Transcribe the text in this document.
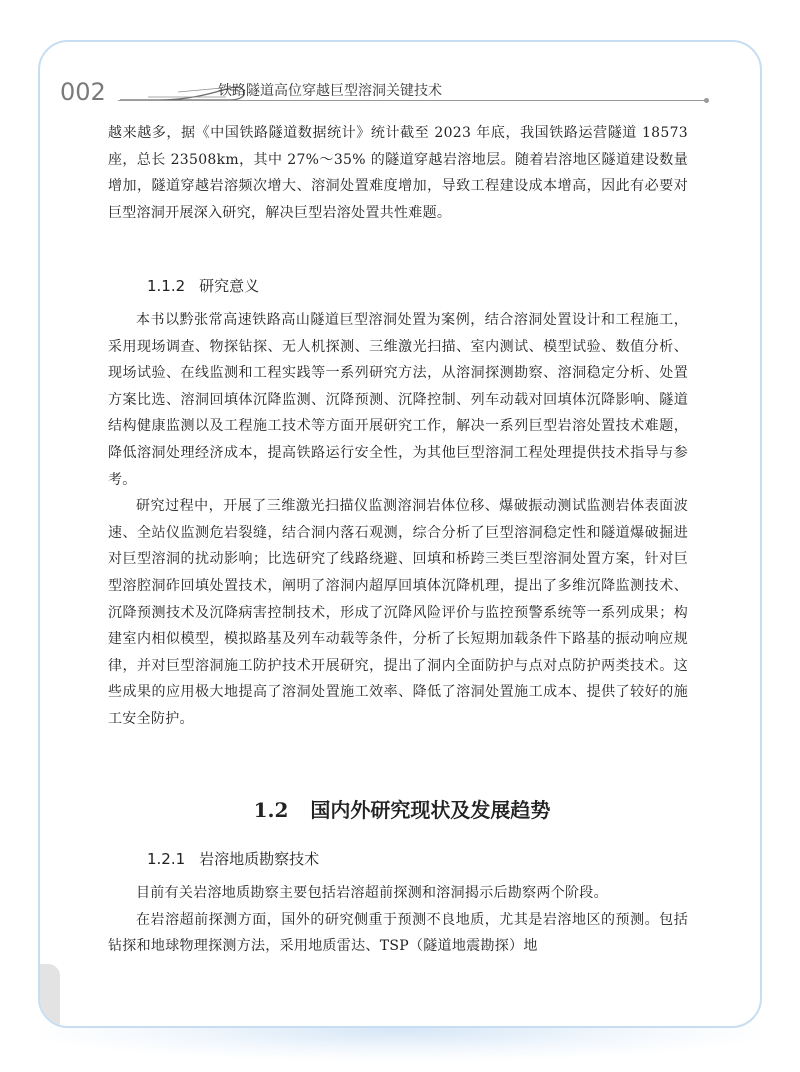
002	铁路隧道高位穿越巨型溶洞关键技术

越来越多，据《中国铁路隧道数据统计》统计截至 2023 年底，我国铁路运营隧道 18573 座，总长 23508km，其中 27%～35% 的隧道穿越岩溶地层。随着岩溶地区隧道建设数量增加，隧道穿越岩溶频次增大、溶洞处置难度增加，导致工程建设成本增高，因此有必要对巨型溶洞开展深入研究，解决巨型岩溶处置共性难题。

1.1.2 研究意义

本书以黔张常高速铁路高山隧道巨型溶洞处置为案例，结合溶洞处置设计和工程施工，采用现场调查、物探钻探、无人机探测、三维激光扫描、室内测试、模型试验、数值分析、现场试验、在线监测和工程实践等一系列研究方法，从溶洞探测勘察、溶洞稳定分析、处置方案比选、溶洞回填体沉降监测、沉降预测、沉降控制、列车动载对回填体沉降影响、隧道结构健康监测以及工程施工技术等方面开展研究工作，解决一系列巨型岩溶处置技术难题，降低溶洞处理经济成本，提高铁路运行安全性，为其他巨型溶洞工程处理提供技术指导与参考。

研究过程中，开展了三维激光扫描仪监测溶洞岩体位移、爆破振动测试监测岩体表面波速、全站仪监测危岩裂缝，结合洞内落石观测，综合分析了巨型溶洞稳定性和隧道爆破掘进对巨型溶洞的扰动影响；比选研究了线路绕避、回填和桥跨三类巨型溶洞处置方案，针对巨型溶腔洞砟回填处置技术，阐明了溶洞内超厚回填体沉降机理，提出了多维沉降监测技术、沉降预测技术及沉降病害控制技术，形成了沉降风险评价与监控预警系统等一系列成果；构建室内相似模型，模拟路基及列车动载等条件，分析了长短期加载条件下路基的振动响应规律，并对巨型溶洞施工防护技术开展研究，提出了洞内全面防护与点对点防护两类技术。这些成果的应用极大地提高了溶洞处置施工效率、降低了溶洞处置施工成本、提供了较好的施工安全防护。

1.2 国内外研究现状及发展趋势
1.2.1 岩溶地质勘察技术

目前有关岩溶地质勘察主要包括岩溶超前探测和溶洞揭示后勘察两个阶段。

在岩溶超前探测方面，国外的研究侧重于预测不良地质，尤其是岩溶地区的预测。包括钻探和地球物理探测方法，采用地质雷达、TSP（隧道地震勘探）地
